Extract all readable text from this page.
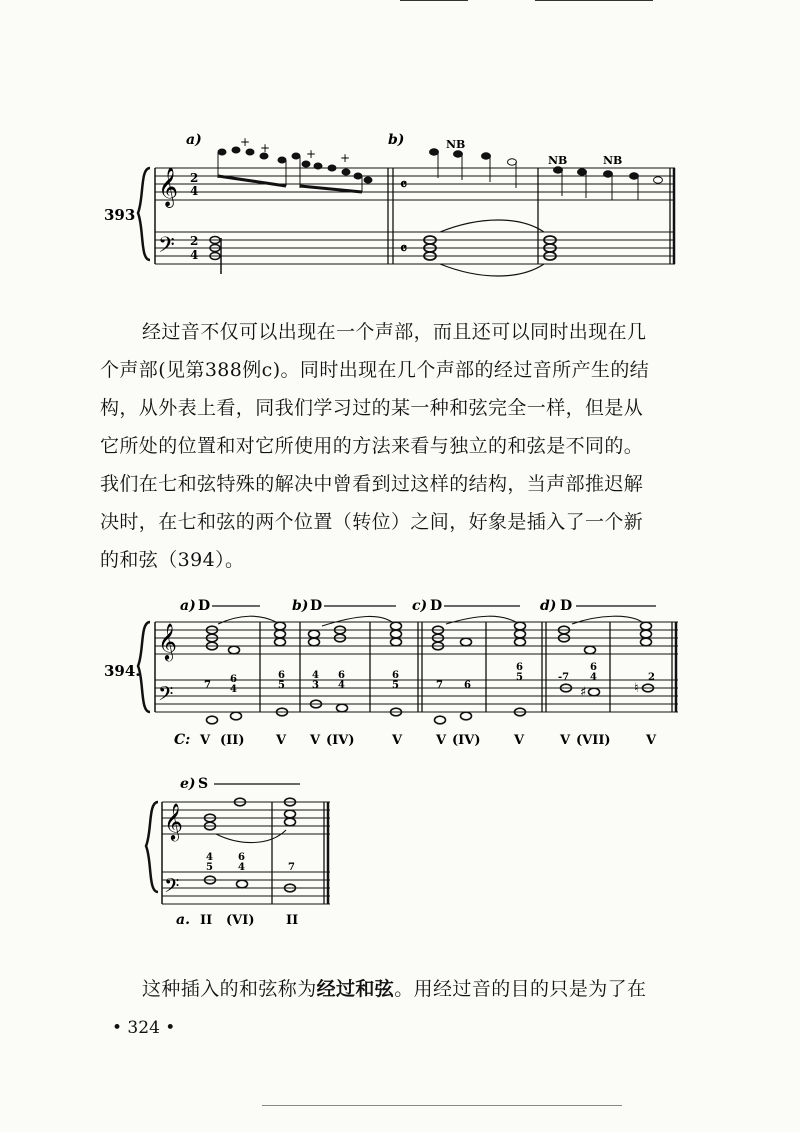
393
𝄞
𝄢
2
4
2
4
a)	b)	NB
NB	NB
+ +	+ +
𝄴
𝄴
经过音不仅可以出现在一个声部，而且还可以同时出现在几
个声部(见第388例c)。同时出现在几个声部的经过音所产生的结
构，从外表上看，同我们学习过的某一种和弦完全一样，但是从
它所处的位置和对它所使用的方法来看与独立的和弦是不同的。
我们在七和弦特殊的解决中曾看到过这样的结构，当声部推迟解
决时，在七和弦的两个位置（转位）之间，好象是插入了一个新
的和弦（394）。
394.
𝄞
𝄢
a) D	b) D	c) D	d) D
♯	♮
7
6
4
6
5
4
3
6
4
6
5	7 6
6
5	-7
6
4	2
C: V (II) V V (IV)	V	V (IV)	V	V (VII)	V
𝄞
𝄢
e) S
4
5
6
4	7
a. II (VI) II
这种插入的和弦称为经过和弦。用经过音的目的只是为了在
• 324 •
